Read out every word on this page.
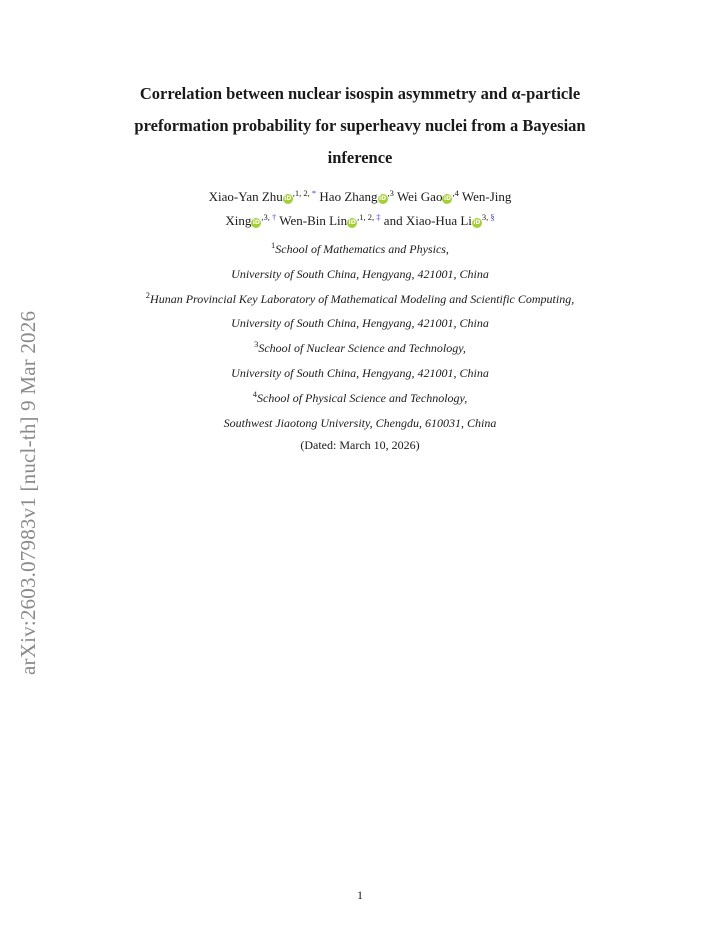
arXiv:2603.07983v1 [nucl-th] 9 Mar 2026
Correlation between nuclear isospin asymmetry and α-particle
preformation probability for superheavy nuclei from a Bayesian
inference
Xiao-Yan ZhuiD$^{,1, 2, *}$ Hao ZhangiD$^{,3}$ Wei GaoiD$^{,4}$ Wen-Jing
XingiD$^{,3, \dagger}$ Wen-Bin LiniD$^{,1, 2, \ddagger}$ and Xiao-Hua LiiD$^{3, \S}$
$^1$School of Mathematics and Physics,
University of South China, Hengyang, 421001, China
$^2$Hunan Provincial Key Laboratory of Mathematical Modeling and Scientific Computing,
University of South China, Hengyang, 421001, China
$^3$School of Nuclear Science and Technology,
University of South China, Hengyang, 421001, China
$^4$School of Physical Science and Technology,
Southwest Jiaotong University, Chengdu, 610031, China
(Dated: March 10, 2026)
1
